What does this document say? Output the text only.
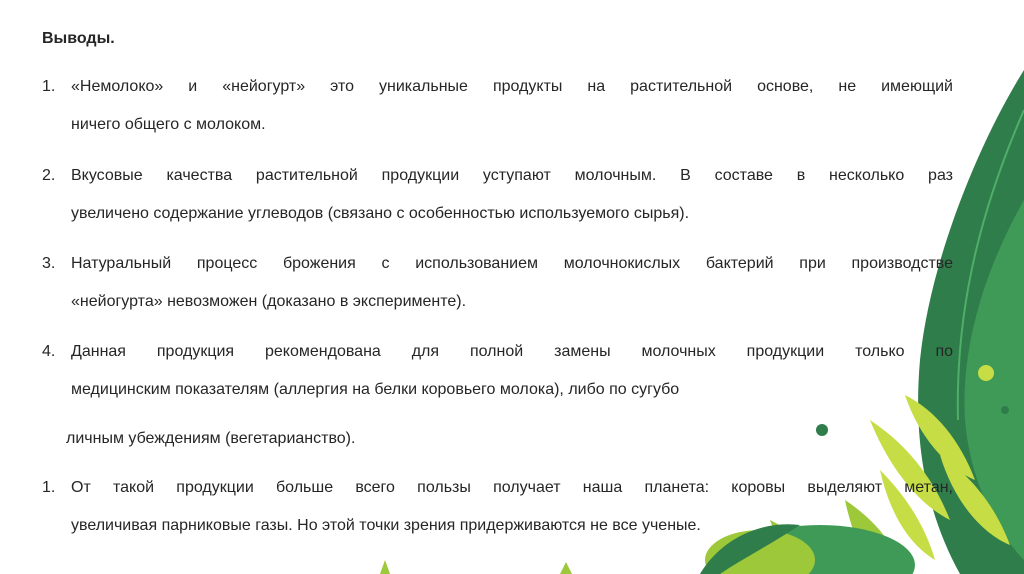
Выводы.
1. «Немолоко» и «нейогурт» это уникальные продукты на растительной основе, не имеющий
ничего общего с молоком.
2. Вкусовые качества растительной продукции уступают молочным. В составе в несколько раз
увеличено содержание углеводов (связано с особенностью используемого сырья).
3. Натуральный процесс брожения с использованием молочнокислых бактерий при производстве
«нейогурта» невозможен (доказано в эксперименте).
4. Данная продукция рекомендована для полной замены молочных продукции только по
медицинским показателям (аллергия на белки коровьего молока), либо по сугубо
личным убеждениям (вегетарианство).
1. От такой продукции больше всего пользы получает наша планета: коровы выделяют метан,
увеличивая парниковые газы. Но этой точки зрения придерживаются не все ученые.
